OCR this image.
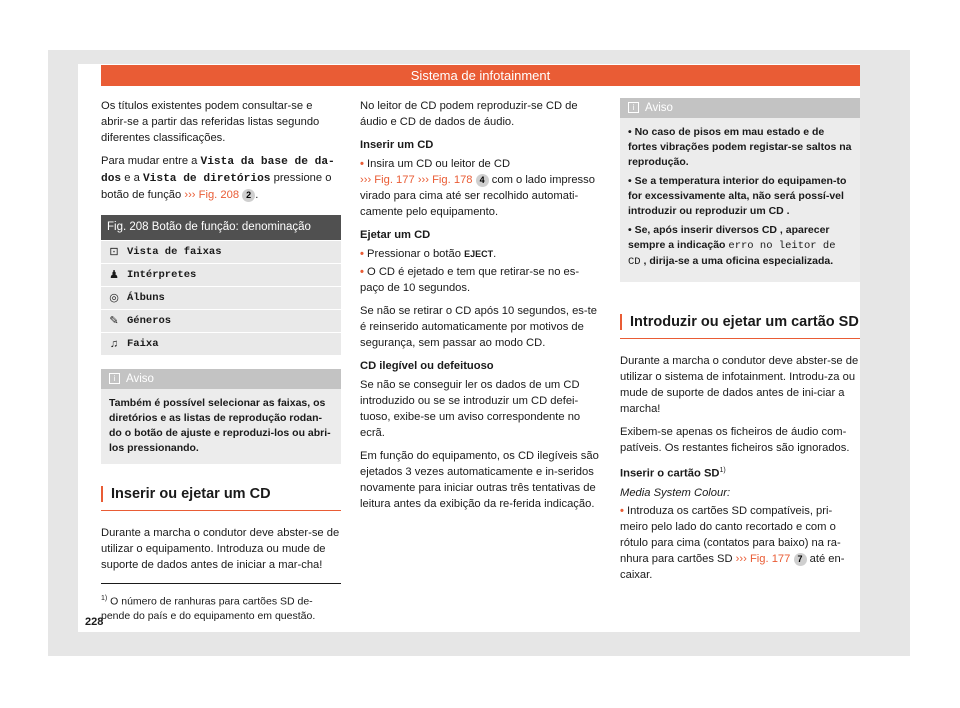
Sistema de infotainment

Os títulos existentes podem consultar-se e abrir-se a partir das referidas listas segundo diferentes classificações.

Para mudar entre a Vista da base de da-dos e a Vista de diretórios pressione o botão de função ››› Fig. 208 2 .

Fig. 208 Botão de função: denominação
⊡ Vista de faixas
♟ Intérpretes
◎ Álbuns
✎ Géneros
♫ Faixa
i Aviso
Também é possível selecionar as faixas, os diretórios e as listas de reprodução rodan-do o botão de ajuste e reproduzi-los ou abri-los pressionando.
Inserir ou ejetar um CD

Durante a marcha o condutor deve abster-se de utilizar o equipamento. Introduza ou mude de suporte de dados antes de iniciar a mar-cha!

No leitor de CD podem reproduzir-se CD de áudio e CD de dados de áudio.

Inserir um CD

• Insira um CD ou leitor de CD
››› Fig. 177 ››› Fig. 178 4 com o lado impresso virado para cima até ser recolhido automati-camente pelo equipamento.

Ejetar um CD

• Pressionar o botão EJECT.

• O CD é ejetado e tem que retirar-se no es-paço de 10 segundos.

Se não se retirar o CD após 10 segundos, es-te é reinserido automaticamente por motivos de segurança, sem passar ao modo CD.

CD ilegível ou defeituoso

Se não se conseguir ler os dados de um CD introduzido ou se se introduzir um CD defei-tuoso, exibe-se um aviso correspondente no ecrã.

Em função do equipamento, os CD ilegíveis são ejetados 3 vezes automaticamente e in-seridos novamente para iniciar outras três tentativas de leitura antes da exibição da re-ferida indicação.

i Aviso

• No caso de pisos em mau estado e de fortes vibrações podem registar-se saltos na reprodução.

• Se a temperatura interior do equipamen-to for excessivamente alta, não será possí-vel introduzir ou reproduzir um CD .

• Se, após inserir diversos CD , aparecer sempre a indicação erro no leitor de CD , dirija-se a uma oficina especializada.

Introduzir ou ejetar um cartão SD

Durante a marcha o condutor deve abster-se de utilizar o sistema de infotainment. Introdu-za ou mude de suporte de dados antes de ini-ciar a marcha!

Exibem-se apenas os ficheiros de áudio com-patíveis. Os restantes ficheiros são ignorados.

Inserir o cartão SD$^{1)}$

Media System Colour:

• Introduza os cartões SD compatíveis, pri-meiro pelo lado do canto recortado e com o rótulo para cima (contatos para baixo) na ra-nhura para cartões SD ››› Fig. 177 7 até en-caixar.

$^{1)}$ O número de ranhuras para cartões SD de-pende do país e do equipamento em questão.
228
